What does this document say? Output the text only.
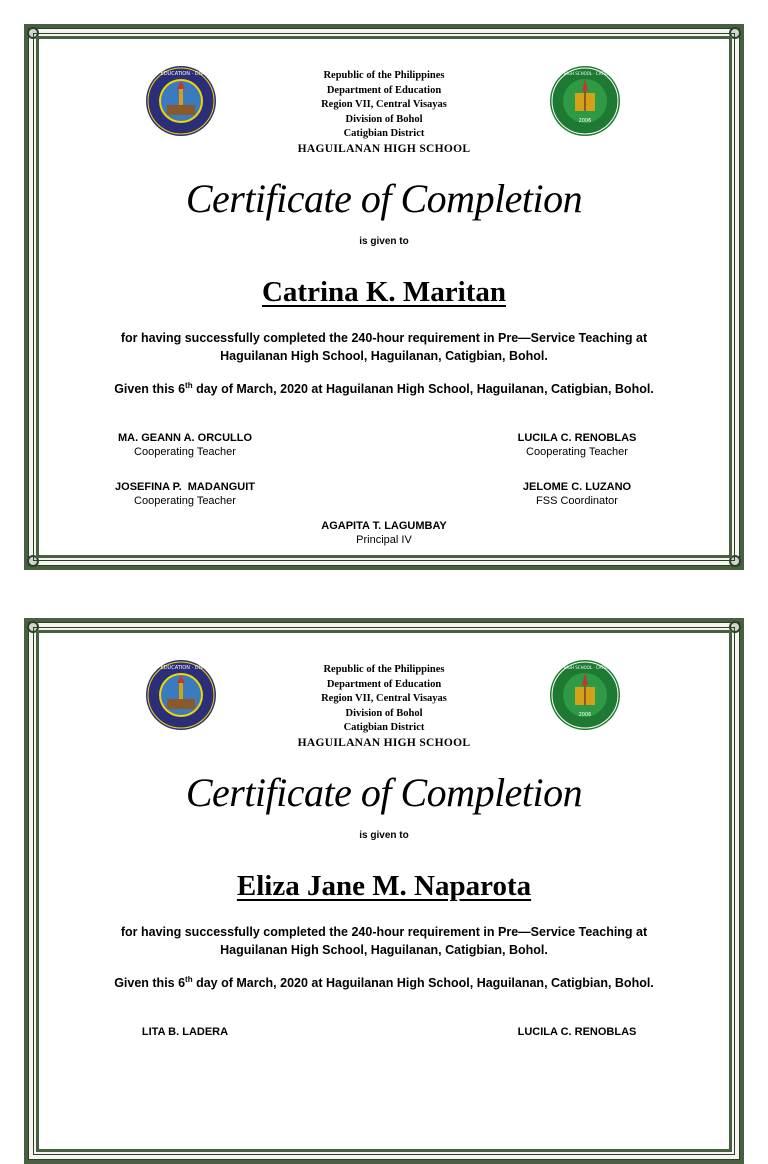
DEPARTMENT OF EDUCATION · DIVISION OF BOHOL
2006
HAGUILANAN HIGH SCHOOL · CATIGBIAN, BOHOL
Republic of the Philippines
Department of Education
Region VII, Central Visayas
Division of Bohol
Catigbian District
HAGUILANAN HIGH SCHOOL
Certificate of Completion
is given to
Catrina K. Maritan
for having successfully completed the 240-hour requirement in Pre—Service Teaching at
Haguilanan High School, Haguilanan, Catigbian, Bohol.
Given this 6th day of March, 2020 at Haguilanan High School, Haguilanan, Catigbian, Bohol.
MA. GEANN A. ORCULLO
Cooperating Teacher
LUCILA C. RENOBLAS
Cooperating Teacher
JOSEFINA P.  MADANGUIT
Cooperating Teacher
JELOME C. LUZANO
FSS Coordinator
AGAPITA T. LAGUMBAY
Principal IV
DEPARTMENT OF EDUCATION · DIVISION OF BOHOL
2006
HAGUILANAN HIGH SCHOOL · CATIGBIAN, BOHOL
Republic of the Philippines
Department of Education
Region VII, Central Visayas
Division of Bohol
Catigbian District
HAGUILANAN HIGH SCHOOL
Certificate of Completion
is given to
Eliza Jane M. Naparota
for having successfully completed the 240-hour requirement in Pre—Service Teaching at
Haguilanan High School, Haguilanan, Catigbian, Bohol.
Given this 6th day of March, 2020 at Haguilanan High School, Haguilanan, Catigbian, Bohol.
LITA B. LADERA	LUCILA C. RENOBLAS
